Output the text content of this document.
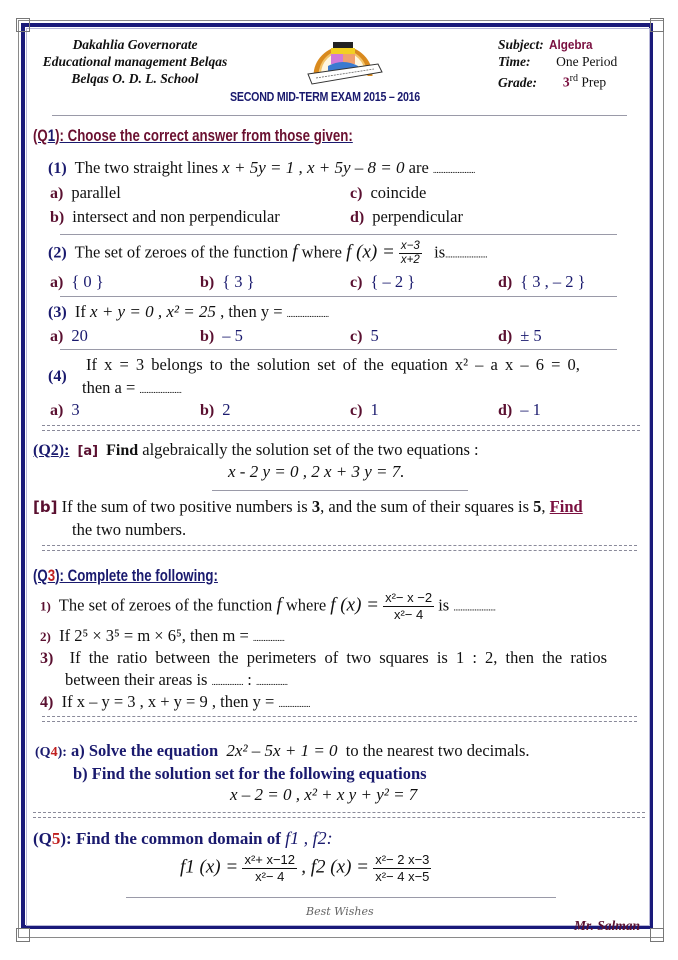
Dakahlia Governorate
Educational management Belqas
Belqas O. D. L. School
Subject: Algebra
Time: One Period
Grade: 3rd Prep
SECOND MID-TERM EXAM 2015 – 2016
(Q1): Choose the correct answer from those given:
(1) The two straight lines x + 5y = 1 , x + 5y – 8 = 0 are ........................
a) parallel	c) coincide
b) intersect and non perpendicular	d) perpendicular
(2) The set of zeroes of the function f where f $(x) = \frac{x-3}{x+2}$ is........................
a) { 0 }	b) { 3 }	c) { – 2 }	d) { 3 , – 2 }
(3) If x + y = 0 , x² = 25 , then y = ........................
a) 20	b) – 5	c) 5	d) ± 5
(4)
If x = 3 belongs to the solution set of the equation x² – a x – 6 = 0,
then a = ........................
a) 3	b) 2	c) 1	d) – 1
(Q2): [a] Find algebraically the solution set of the two equations :
x - 2 y = 0 , 2 x + 3 y = 7.
[b] If the sum of two positive numbers is 3, and the sum of their squares is 5, Find
the two numbers.
(Q3): Complete the following:
1) The set of zeroes of the function f where f $(x) = \frac{\text{x²− x −2}}{\text{x²− 4}}$ is ........................
2) If 2⁵ × 3⁵ = m × 6⁵, then m = ..................
3) If the ratio between the perimeters of two squares is 1 : 2, then the ratios
between their areas is .................. : ..................
4) If x – y = 3 , x + y = 9 , then y = ..................
(Q4): a) Solve the equation 2x² – 5x + 1 = 0 to the nearest two decimals.
b) Find the solution set for the following equations
x – 2 = 0 , x² + x y + y² = 7
(Q5): Find the common domain of f1 , f2:
f1 $(x) = \frac{\text{x²+ x−12}}{\text{x²− 4}}$ , f2 $(x) = \frac{\text{x²− 2 x−3}}{\text{x²− 4 x−5}}$
Best Wishes
Mr. Salman
